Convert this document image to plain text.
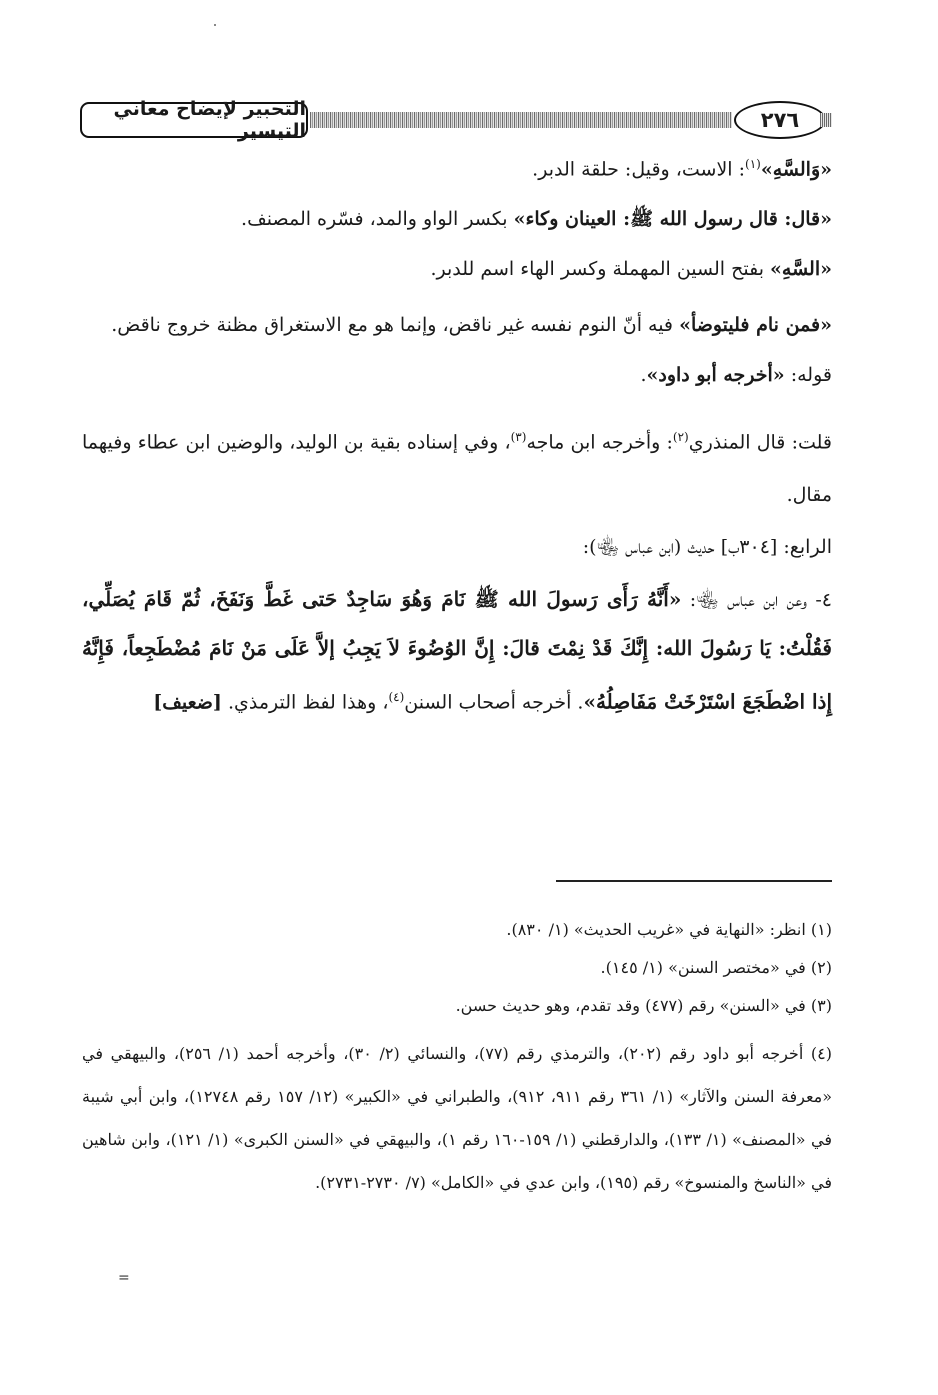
التحبير لإيضاح معاني التيسير	٢٧٦

«وَالسَّهِ»$^{(١)}$: الاست، وقيل: حلقة الدبر.

«قال: قال رسول الله ﷺ: العينان وكاء» بكسر الواو والمد، فسّره المصنف.

«السَّهِ» بفتح السين المهملة وكسر الهاء اسم للدبر.

«فمن نام فليتوضأ» فيه أنّ النوم نفسه غير ناقض، وإنما هو مع الاستغراق مظنة خروج ناقض.

قوله: «أخرجه أبو داود».

قلت: قال المنذري$^{(٢)}$: وأخرجه ابن ماجه$^{(٣)}$، وفي إسناده بقية بن الوليد، والوضين ابن عطاء وفيهما مقال.

الرابع: [٣٠٤ب] حديث (ابن عباس ﵄):

٤- وعن ابن عباس ﵄: «أَنَّهُ رَأَى رَسولَ الله ﷺ نَامَ وَهُوَ سَاجِدٌ حَتى غَطَّ وَنَفَخَ، ثُمّ قَامَ يُصَلِّي، فَقُلْتُ: يَا رَسُولَ الله: إِنَّكَ قَدْ نِمْتَ قالَ: إِنَّ الوُضُوءَ لاَ يَجِبُ إلاَّ عَلَى مَنْ نَامَ مُضْطَجِعاً، فَإِنَّهُ إِذا اضْطَجَعَ اسْتَرْخَتْ مَفَاصِلُهُ». أخرجه أصحاب السنن$^{(٤)}$، وهذا لفظ الترمذي. [ضعيف]

(١) انظر: «النهاية في «غريب الحديث» (١/ ٨٣٠).

(٢) في «مختصر السنن» (١/ ١٤٥).

(٣) في «السنن» رقم (٤٧٧) وقد تقدم، وهو حديث حسن.

(٤) أخرجه أبو داود رقم (٢٠٢)، والترمذي رقم (٧٧)، والنسائي (٢/ ٣٠)، وأخرجه أحمد (١/ ٢٥٦)، والبيهقي في «معرفة السنن والآثار» (١/ ٣٦١ رقم ٩١١، ٩١٢)، والطبراني في «الكبير» (١٢/ ١٥٧ رقم ١٢٧٤٨)، وابن أبي شيبة في «المصنف» (١/ ١٣٣)، والدارقطني (١/ ١٥٩-١٦٠ رقم ١)، والبيهقي في «السنن الكبرى» (١/ ١٢١)، وابن شاهين في «الناسخ والمنسوخ» رقم (١٩٥)، وابن عدي في «الكامل» (٧/ ٢٧٣٠-٢٧٣١).

=
